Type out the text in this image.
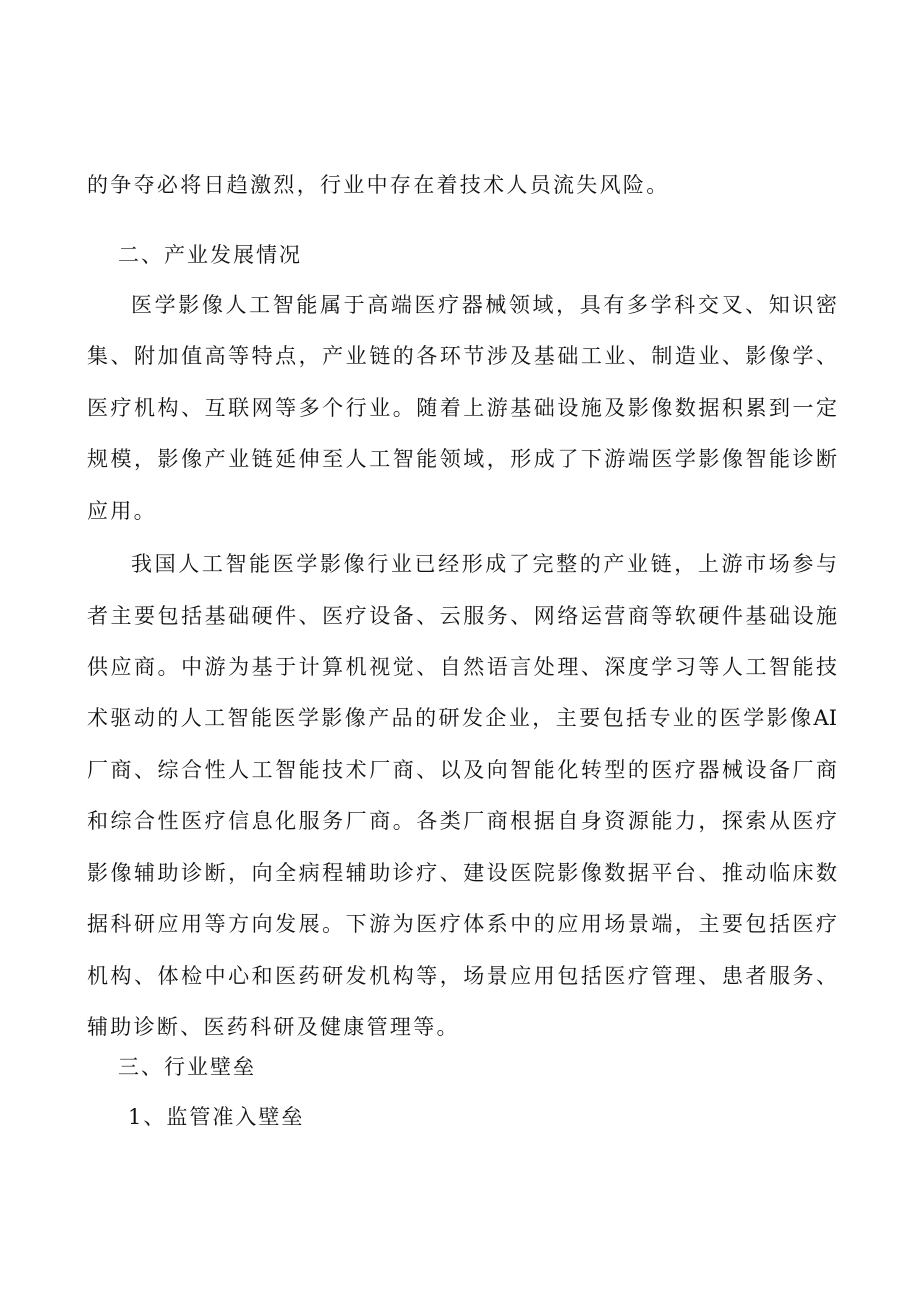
的争夺必将日趋激烈，行业中存在着技术人员流失风险。
二、产业发展情况
医学影像人工智能属于高端医疗器械领域，具有多学科交叉、知识密
集、附加值高等特点，产业链的各环节涉及基础工业、制造业、影像学、
医疗机构、互联网等多个行业。随着上游基础设施及影像数据积累到一定
规模，影像产业链延伸至人工智能领域，形成了下游端医学影像智能诊断
应用。
我国人工智能医学影像行业已经形成了完整的产业链，上游市场参与
者主要包括基础硬件、医疗设备、云服务、网络运营商等软硬件基础设施
供应商。中游为基于计算机视觉、自然语言处理、深度学习等人工智能技
术驱动的人工智能医学影像产品的研发企业，主要包括专业的医学影像AI
厂商、综合性人工智能技术厂商、以及向智能化转型的医疗器械设备厂商
和综合性医疗信息化服务厂商。各类厂商根据自身资源能力，探索从医疗
影像辅助诊断，向全病程辅助诊疗、建设医院影像数据平台、推动临床数
据科研应用等方向发展。下游为医疗体系中的应用场景端，主要包括医疗
机构、体检中心和医药研发机构等，场景应用包括医疗管理、患者服务、
辅助诊断、医药科研及健康管理等。
三、行业壁垒
1、监管准入壁垒
